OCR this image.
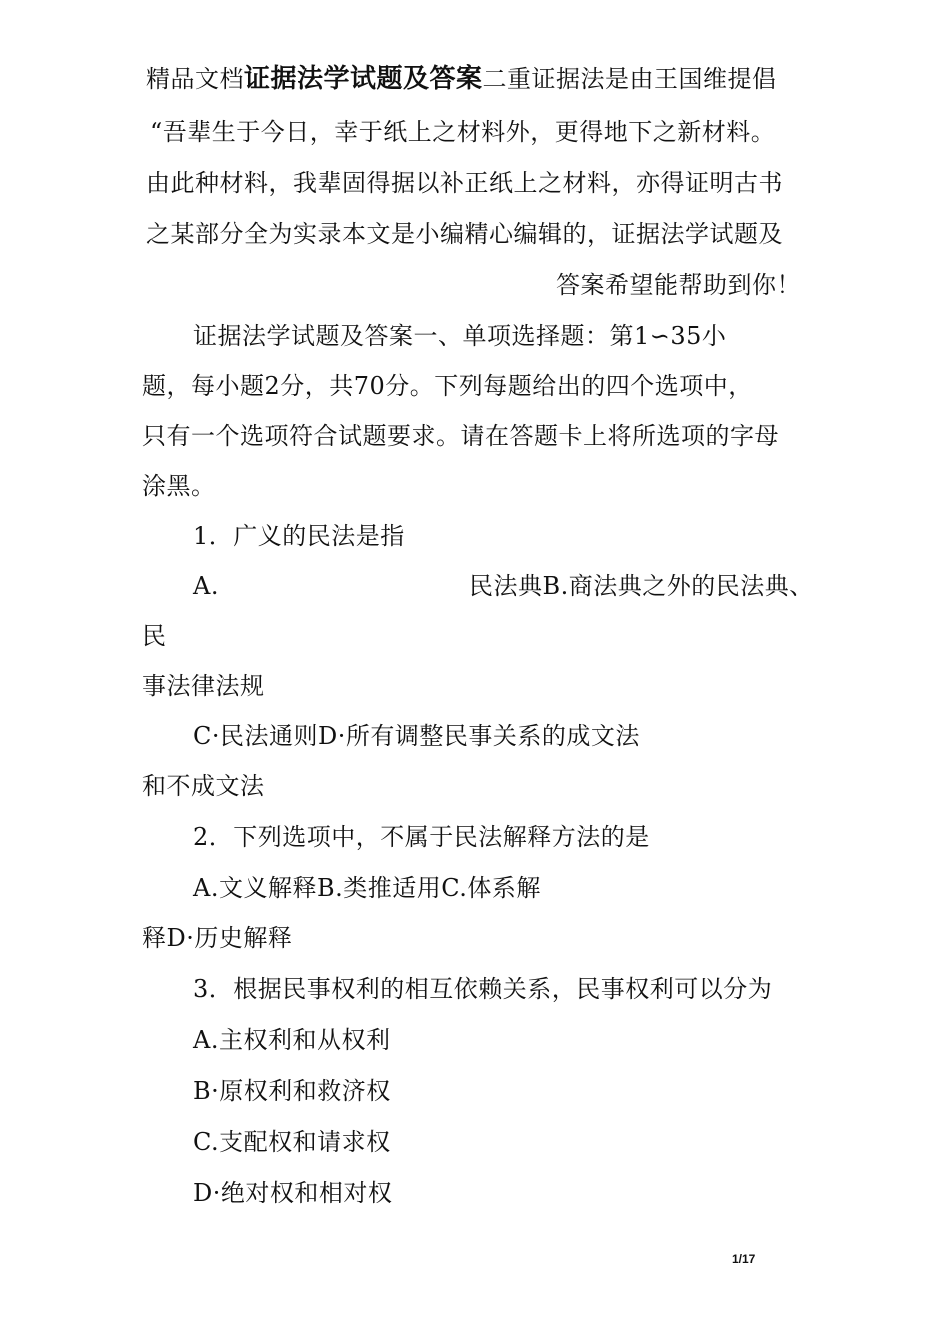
精品文档证据法学试题及答案二重证据法是由王国维提倡
“吾辈生于今日，幸于纸上之材料外，更得地下之新材料。
由此种材料，我辈固得据以补正纸上之材料，亦得证明古书
之某部分全为实录本文是小编精心编辑的，证据法学试题及
答案希望能帮助到你！
证据法学试题及答案一、单项选择题：第1∽35小
题，每小题2分，共70分。下列每题给出的四个选项中，
只有一个选项符合试题要求。请在答题卡上将所选项的字母
涂黑。
1．广义的民法是指
A.	民法典B.商法典之外的民法典、
民
事法律法规
C·民法通则D·所有调整民事关系的成文法
和不成文法
2．下列选项中，不属于民法解释方法的是
A.文义解释B.类推适用C.体系解
释D·历史解释
3．根据民事权利的相互依赖关系，民事权利可以分为
A.主权利和从权利
B·原权利和救济权
C.支配权和请求权
D·绝对权和相对权
1/17
